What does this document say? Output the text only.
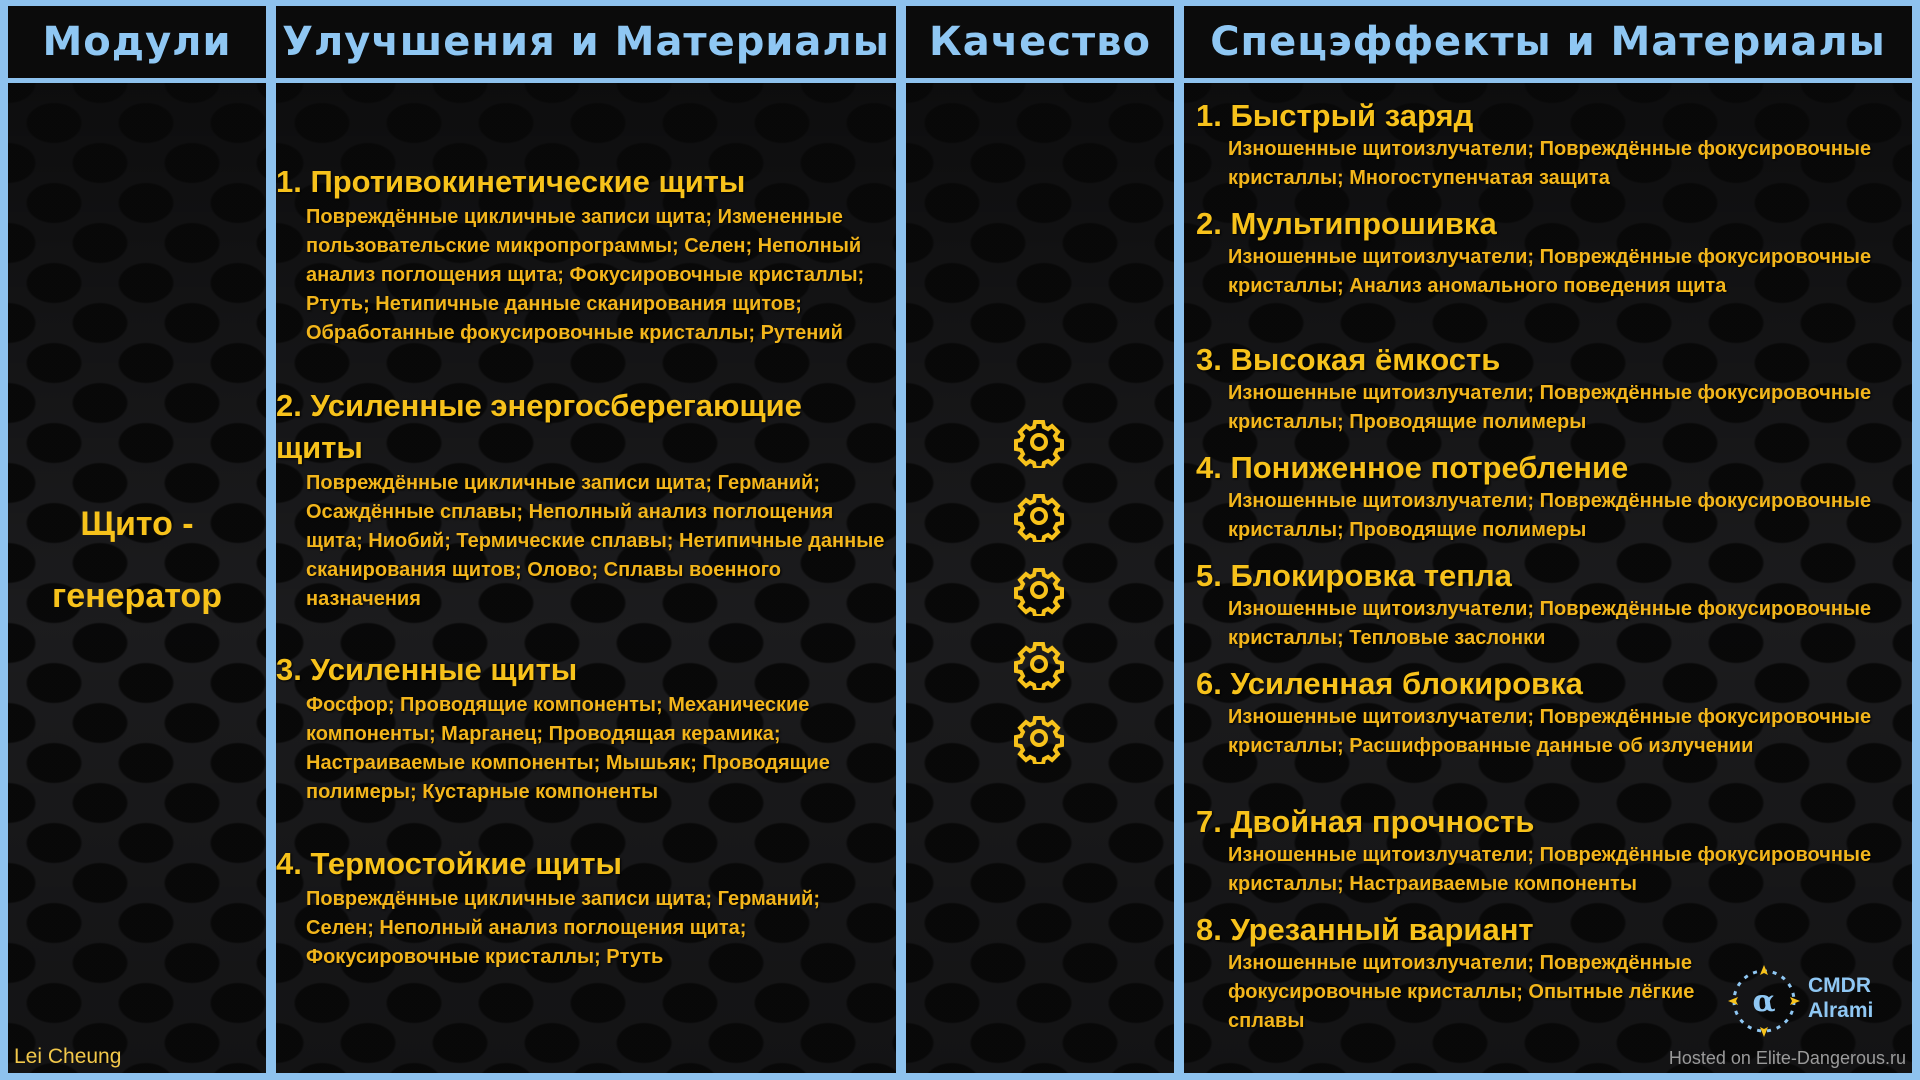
Модули Улучшения и Материалы Качество Спецэффекты и Материалы
Щито -
генератор
Lei Cheung
1. Противокинетические щиты
Повреждённые цикличные записи щита; Измененные пользовательские микропрограммы; Селен; Неполный анализ поглощения щита; Фокусировочные кристаллы; Ртуть; Нетипичные данные сканирования щитов; Обработанные фокусировочные кристаллы; Рутений
2. Усиленные энергосберегающие щиты
Повреждённые цикличные записи щита; Германий; Осаждённые сплавы; Неполный анализ поглощения щита; Ниобий; Термические сплавы; Нетипичные данные сканирования щитов; Олово; Сплавы военного назначения
3. Усиленные щиты
Фосфор; Проводящие компоненты; Механические компоненты; Марганец; Проводящая керамика; Настраиваемые компоненты; Мышьяк; Проводящие полимеры; Кустарные компоненты
4. Термостойкие щиты
Повреждённые цикличные записи щита; Германий; Селен; Неполный анализ поглощения щита; Фокусировочные кристаллы; Ртуть
1. Быстрый заряд
Изношенные щитоизлучатели; Повреждённые фокусировочные кристаллы; Многоступенчатая защита
2. Мультипрошивка
Изношенные щитоизлучатели; Повреждённые фокусировочные кристаллы; Анализ аномального поведения щита
3. Высокая ёмкость
Изношенные щитоизлучатели; Повреждённые фокусировочные кристаллы; Проводящие полимеры
4. Пониженное потребление
Изношенные щитоизлучатели; Повреждённые фокусировочные кристаллы; Проводящие полимеры
5. Блокировка тепла
Изношенные щитоизлучатели; Повреждённые фокусировочные кристаллы; Тепловые заслонки
6. Усиленная блокировка
Изношенные щитоизлучатели; Повреждённые фокусировочные кристаллы; Расшифрованные данные об излучении
7. Двойная прочность
Изношенные щитоизлучатели; Повреждённые фокусировочные кристаллы; Настраиваемые компоненты
8. Урезанный вариант
Изношенные щитоизлучатели; Повреждённые фокусировочные кристаллы; Опытные лёгкие сплавы
α CMDR
Alrami
Hosted on Elite-Dangerous.ru
